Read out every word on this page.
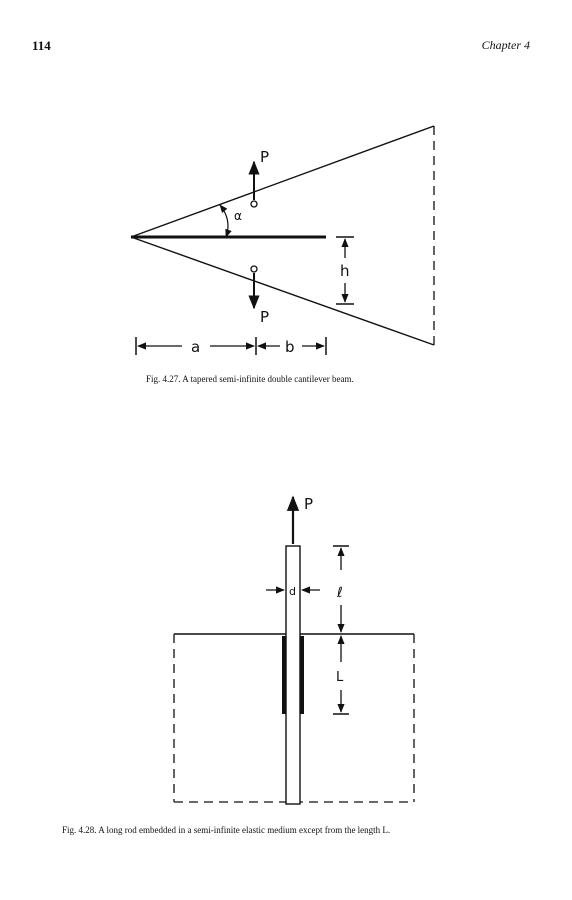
114	Chapter 4
P
P
α
h
a	b
P
d	ℓ
L
Fig. 4.27. A tapered semi-infinite double cantilever beam.
Fig. 4.28. A long rod embedded in a semi-infinite elastic medium except from the length L.
